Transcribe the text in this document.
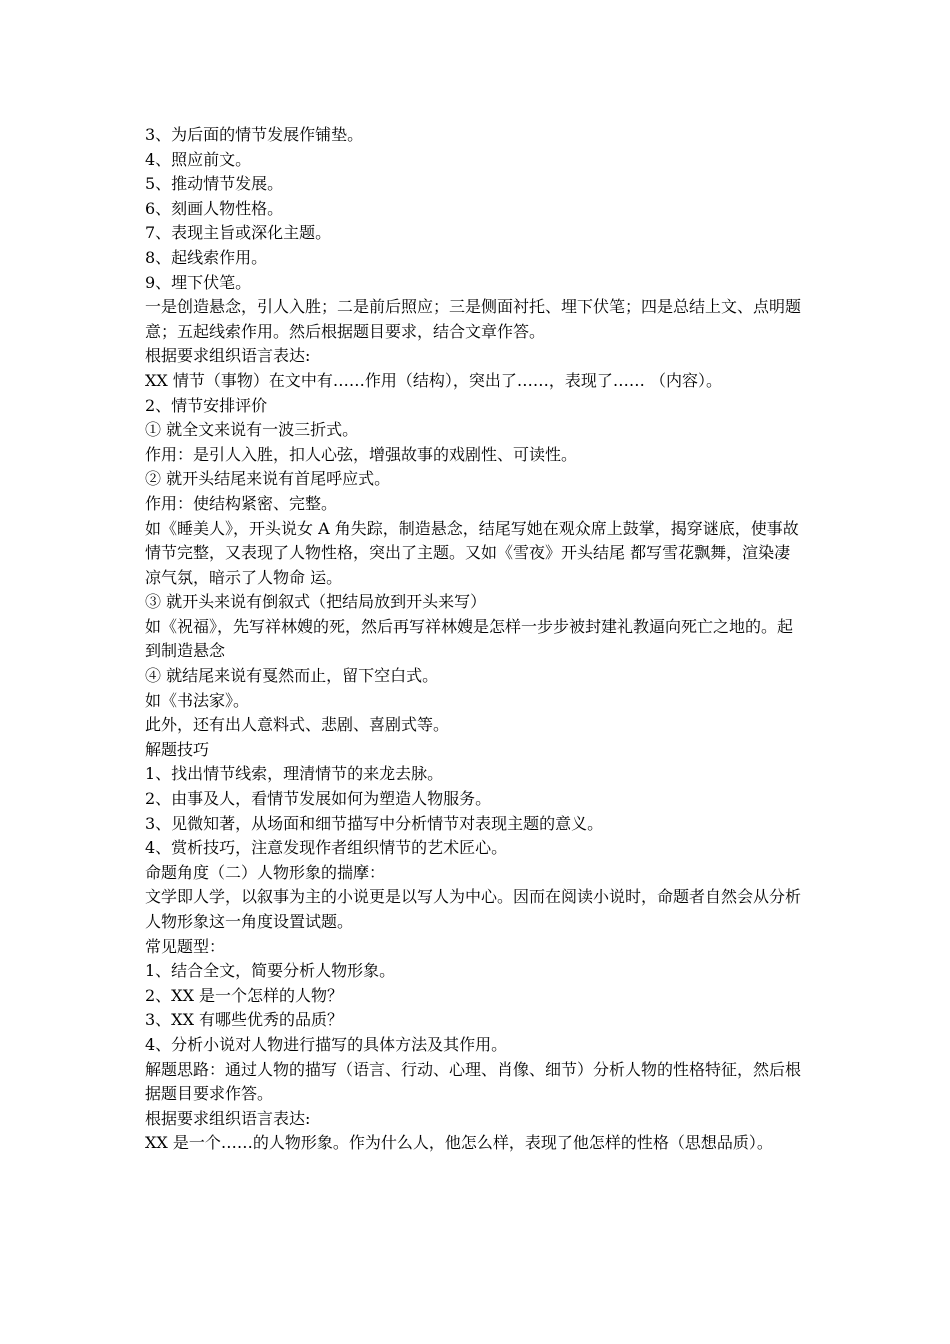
3、为后面的情节发展作铺垫。

4、照应前文。

5、推动情节发展。

6、刻画人物性格。

7、表现主旨或深化主题。

8、起线索作用。

9、埋下伏笔。

一是创造悬念，引人入胜；二是前后照应；三是侧面衬托、埋下伏笔；四是总结上文、点明题意；五起线索作用。然后根据题目要求，结合文章作答。

根据要求组织语言表达:

XX 情节（事物）在文中有……作用（结构），突出了……，表现了…… （内容）。

2、情节安排评价

① 就全文来说有一波三折式。

作用：是引人入胜，扣人心弦，增强故事的戏剧性、可读性。

② 就开头结尾来说有首尾呼应式。

作用：使结构紧密、完整。

如《睡美人》，开头说女 A 角失踪，制造悬念，结尾写她在观众席上鼓掌，揭穿谜底，使事故情节完整，又表现了人物性格，突出了主题。又如《雪夜》开头结尾 都写雪花飘舞，渲染凄凉气氛，暗示了人物命 运。

③ 就开头来说有倒叙式（把结局放到开头来写）

如《祝福》，先写祥林嫂的死，然后再写祥林嫂是怎样一步步被封建礼教逼向死亡之地的。起到制造悬念

④ 就结尾来说有戛然而止，留下空白式。

如《书法家》。

此外，还有出人意料式、悲剧、喜剧式等。

解题技巧

1、找出情节线索，理清情节的来龙去脉。

2、由事及人，看情节发展如何为塑造人物服务。

3、见微知著，从场面和细节描写中分析情节对表现主题的意义。

4、赏析技巧，注意发现作者组织情节的艺术匠心。

命题角度（二）人物形象的揣摩：

文学即人学，以叙事为主的小说更是以写人为中心。因而在阅读小说时，命题者自然会从分析人物形象这一角度设置试题。

常见题型：

1、结合全文，简要分析人物形象。

2、XX 是一个怎样的人物？

3、XX 有哪些优秀的品质？

4、分析小说对人物进行描写的具体方法及其作用。

解题思路：通过人物的描写（语言、行动、心理、肖像、细节）分析人物的性格特征，然后根据题目要求作答。

根据要求组织语言表达:

XX 是一个……的人物形象。作为什么人，他怎么样，表现了他怎样的性格（思想品质）。
